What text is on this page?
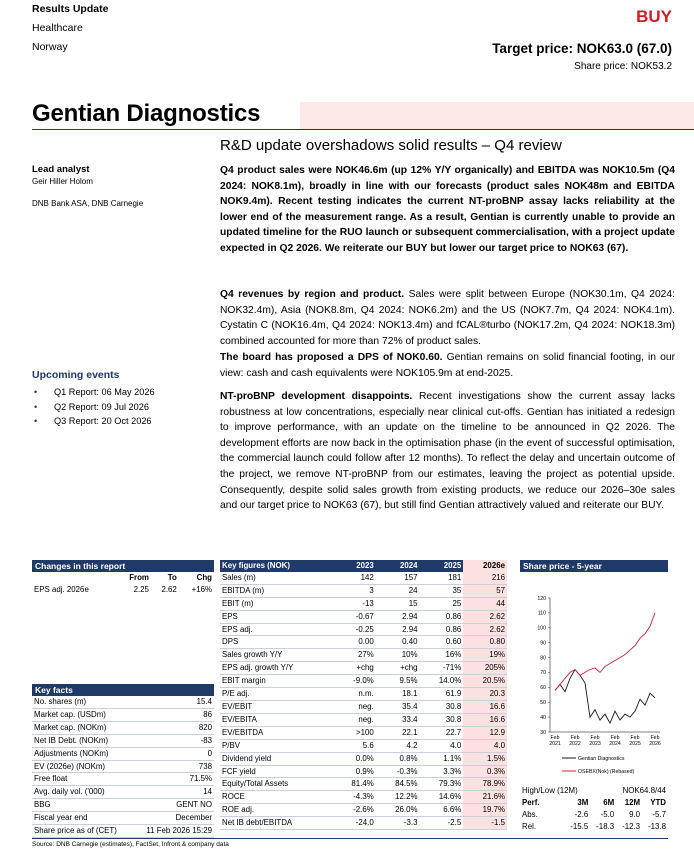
Results Update
Healthcare
Norway
BUY
Target price: NOK63.0 (67.0)
Share price: NOK53.2
Gentian Diagnostics
R&D update overshadows solid results – Q4 review
Lead analyst
Geir Hiller Holom
DNB Bank ASA, DNB Carnegie
Upcoming events
• Q1 Report: 06 May 2026
• Q2 Report: 09 Jul 2026
• Q3 Report: 20 Oct 2026
Q4 product sales were NOK46.6m (up 12% Y/Y organically) and EBITDA was NOK10.5m (Q4 2024: NOK8.1m), broadly in line with our forecasts (product sales NOK48m and EBITDA NOK9.4m). Recent testing indicates the current NT-proBNP assay lacks reliability at the lower end of the measurement range. As a result, Gentian is currently unable to provide an updated timeline for the RUO launch or subsequent commercialisation, with a project update expected in Q2 2026. We reiterate our BUY but lower our target price to NOK63 (67).
Q4 revenues by region and product. Sales were split between Europe (NOK30.1m, Q4 2024: NOK32.4m), Asia (NOK8.8m, Q4 2024: NOK6.2m) and the US (NOK7.7m, Q4 2024: NOK4.1m). Cystatin C (NOK16.4m, Q4 2024: NOK13.4m) and fCAL®turbo (NOK17.2m, Q4 2024: NOK18.3m) combined accounted for more than 72% of product sales.
The board has proposed a DPS of NOK0.60. Gentian remains on solid financial footing, in our view: cash and cash equivalents were NOK105.9m at end-2025.
NT-proBNP development disappoints. Recent investigations show the current assay lacks robustness at low concentrations, especially near clinical cut-offs. Gentian has initiated a redesign to improve performance, with an update on the timeline to be announced in Q2 2026. The development efforts are now back in the optimisation phase (in the event of successful optimisation, the commercial launch could follow after 12 months). To reflect the delay and uncertain outcome of the project, we remove NT-proBNP from our estimates, leaving the project as potential upside. Consequently, despite solid sales growth from existing products, we reduce our 2026–30e sales and our target price to NOK63 (67), but still find Gentian attractively valued and reiterate our BUY.
Changes in this report
	From	To	Chg
EPS adj. 2026e	2.25	2.62	+16%
Key facts
No. shares (m)	15.4
Market cap. (USDm)	86
Market cap. (NOKm)	820
Net IB Debt. (NOKm)	-83
Adjustments (NOKm)	0
EV (2026e) (NOKm)	738
Free float	71.5%
Avg. daily vol. ('000)	14
BBG	GENT NO
Fiscal year end	December
Share price as of (CET)	11 Feb 2026 15:29
Key figures (NOK)	2023	2024	2025	2026e
Sales (m)	142	157	181	216
EBITDA (m)	3	24	35	57
EBIT (m)	-13	15	25	44
EPS	-0.67	2.94	0.86	2.62
EPS adj.	-0.25	2.94	0.86	2.62
DPS	0.00	0.40	0.60	0.80
Sales growth Y/Y	27%	10%	16%	19%
EPS adj. growth Y/Y	+chg	+chg	-71%	205%
EBIT margin	-9.0%	9.5%	14.0%	20.5%
P/E adj.	n.m.	18.1	61.9	20.3
EV/EBIT	neg.	35.4	30.8	16.6
EV/EBITA	neg.	33.4	30.8	16.6
EV/EBITDA	>100	22.1	22.7	12.9
P/BV	5.6	4.2	4.0	4.0
Dividend yield	0.0%	0.8%	1.1%	1.5%
FCF yield	0.9%	-0.3%	3.3%	0.3%
Equity/Total Assets	81.4%	84.5%	79.3%	78.9%
ROCE	-4.3%	12.2%	14.6%	21.6%
ROE adj.	-2.6%	26.0%	6.6%	19.7%
Net IB debt/EBITDA	-24.0	-3.3	-2.5	-1.5
Share price - 5-year
120
110
100
90
80
70
60
50
40
30
Feb
2021
Feb
2022
Feb
2023
Feb
2024
Feb
2025
Feb
2026
Gentian Diagnostics
OSEBX(Nok) (Rebased)
High/Low (12M)		NOK64.8/44		
Perf.	3M	6M	12M	YTD
Abs.	-2.6	-5.0	9.0	-5.7
Rel.	-15.5	-18.3	-12.3	-13.8
Source: DNB Carnegie (estimates), FactSet, Infront & company data
